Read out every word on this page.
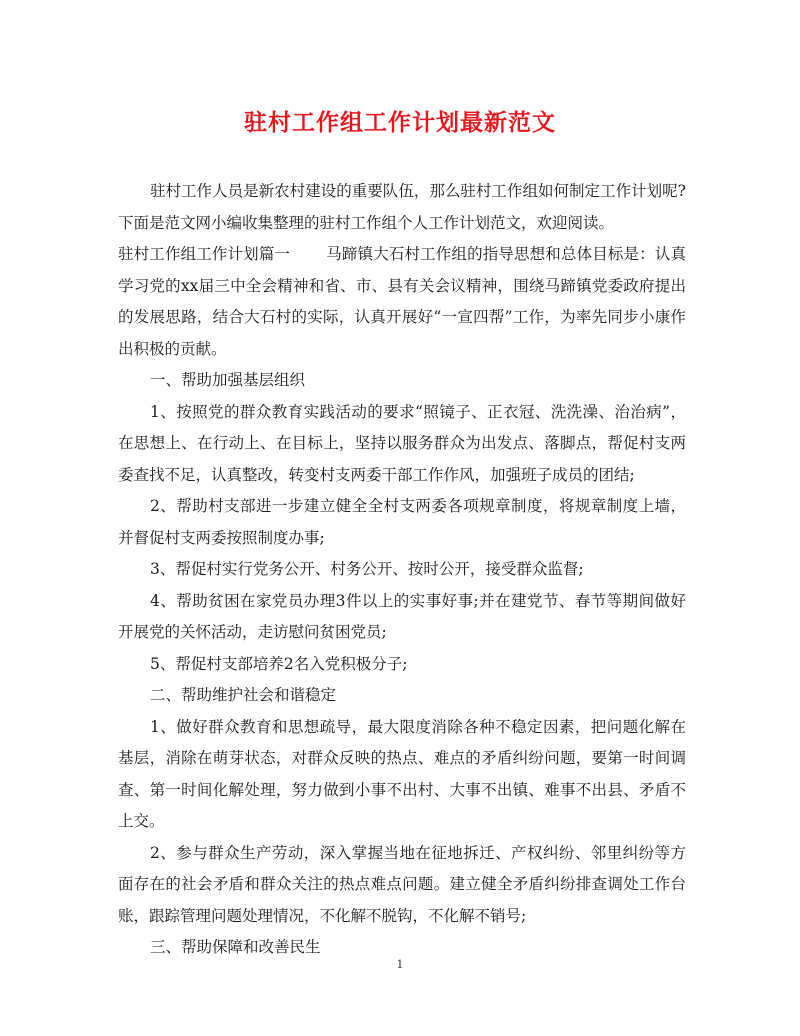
驻村工作组工作计划最新范文

驻村工作人员是新农村建设的重要队伍，那么驻村工作组如何制定工作计划呢?下面是范文网小编收集整理的驻村工作组个人工作计划范文，欢迎阅读。

驻村工作组工作计划篇一 马蹄镇大石村工作组的指导思想和总体目标是：认真学习党的xx届三中全会精神和省、市、县有关会议精神，围绕马蹄镇党委政府提出的发展思路，结合大石村的实际，认真开展好“一宣四帮”工作，为率先同步小康作出积极的贡献。

一、帮助加强基层组织

1、按照党的群众教育实践活动的要求“照镜子、正衣冠、洗洗澡、治治病”，在思想上、在行动上、在目标上，坚持以服务群众为出发点、落脚点，帮促村支两委查找不足，认真整改，转变村支两委干部工作作风，加强班子成员的团结;

2、帮助村支部进一步建立健全全村支两委各项规章制度，将规章制度上墙，并督促村支两委按照制度办事;

3、帮促村实行党务公开、村务公开、按时公开，接受群众监督;

4、帮助贫困在家党员办理3件以上的实事好事;并在建党节、春节等期间做好开展党的关怀活动，走访慰问贫困党员;

5、帮促村支部培养2名入党积极分子;

二、帮助维护社会和谐稳定

1、做好群众教育和思想疏导，最大限度消除各种不稳定因素，把问题化解在基层，消除在萌芽状态，对群众反映的热点、难点的矛盾纠纷问题，要第一时间调查、第一时间化解处理，努力做到小事不出村、大事不出镇、难事不出县、矛盾不上交。

2、参与群众生产劳动，深入掌握当地在征地拆迁、产权纠纷、邻里纠纷等方面存在的社会矛盾和群众关注的热点难点问题。建立健全矛盾纠纷排查调处工作台账，跟踪管理问题处理情况，不化解不脱钩，不化解不销号;

三、帮助保障和改善民生

1
